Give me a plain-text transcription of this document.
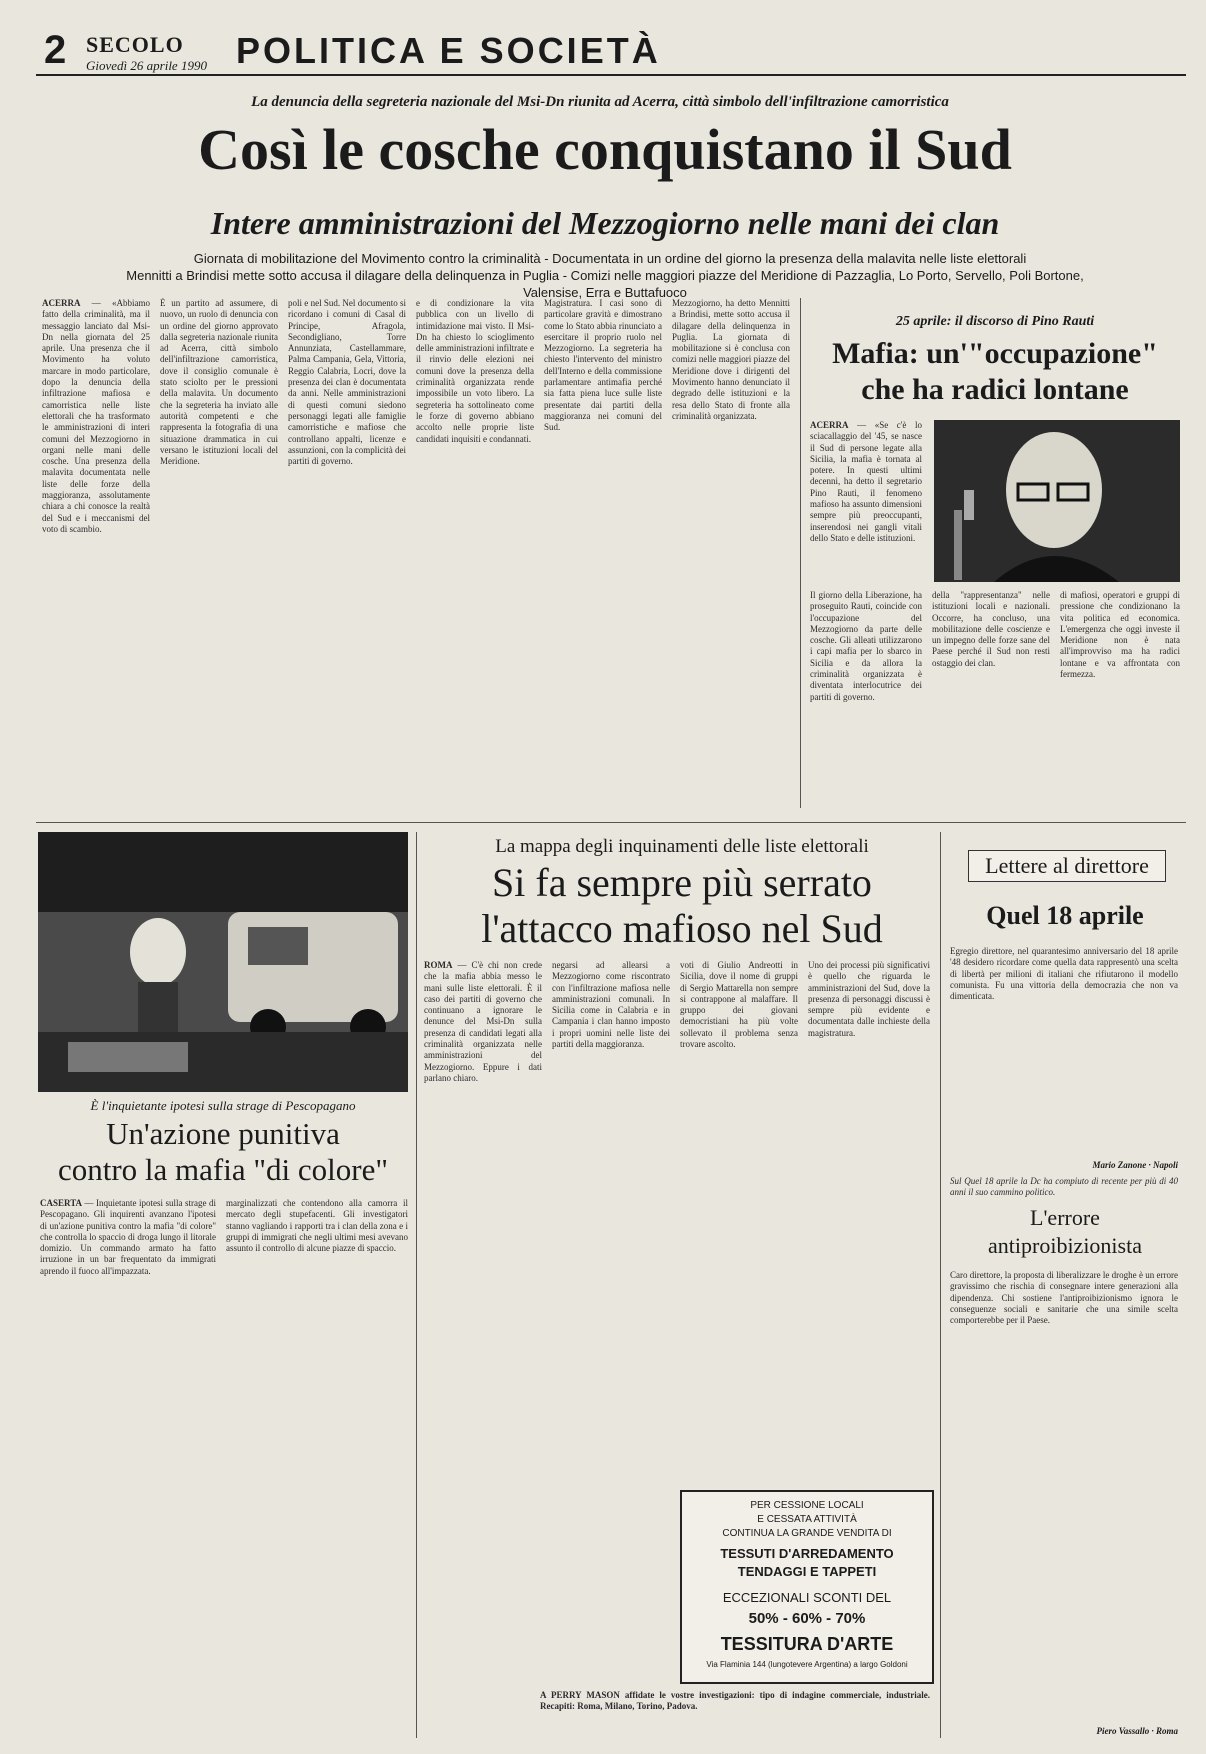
2 SECOLO
Giovedì 26 aprile 1990 POLITICA E SOCIETÀ
La denuncia della segreteria nazionale del Msi-Dn riunita ad Acerra, città simbolo dell'infiltrazione camorristica
Così le cosche conquistano il Sud
Intere amministrazioni del Mezzogiorno nelle mani dei clan
Giornata di mobilitazione del Movimento contro la criminalità - Documentata in un ordine del giorno la presenza della malavita nelle liste elettorali
Mennitti a Brindisi mette sotto accusa il dilagare della delinquenza in Puglia - Comizi nelle maggiori piazze del Meridione di Pazzaglia, Lo Porto, Servello, Poli Bortone, Valensise, Erra e Buttafuoco
ACERRA — «Abbiamo fatto della criminalità, ma il messaggio lanciato dal Msi-Dn nella giornata del 25 aprile. Una presenza che il Movimento ha voluto marcare in modo particolare, dopo la denuncia della infiltrazione mafiosa e camorristica nelle liste elettorali che ha trasformato le amministrazioni di interi comuni del Mezzogiorno in organi nelle mani delle cosche. Una presenza della malavita documentata nelle liste delle forze della maggioranza, assolutamente chiara a chi conosce la realtà del Sud e i meccanismi del voto di scambio.
È un partito ad assumere, di nuovo, un ruolo di denuncia con un ordine del giorno approvato dalla segreteria nazionale riunita ad Acerra, città simbolo dell'infiltrazione camorristica, dove il consiglio comunale è stato sciolto per le pressioni della malavita. Un documento che la segreteria ha inviato alle autorità competenti e che rappresenta la fotografia di una situazione drammatica in cui versano le istituzioni locali del Meridione.
poli e nel Sud. Nel documento si ricordano i comuni di Casal di Principe, Afragola, Secondigliano, Torre Annunziata, Castellammare, Palma Campania, Gela, Vittoria, Reggio Calabria, Locri, dove la presenza dei clan è documentata da anni. Nelle amministrazioni di questi comuni siedono personaggi legati alle famiglie camorristiche e mafiose che controllano appalti, licenze e assunzioni, con la complicità dei partiti di governo.
e di condizionare la vita pubblica con un livello di intimidazione mai visto. Il Msi-Dn ha chiesto lo scioglimento delle amministrazioni infiltrate e il rinvio delle elezioni nei comuni dove la presenza della criminalità organizzata rende impossibile un voto libero. La segreteria ha sottolineato come le forze di governo abbiano accolto nelle proprie liste candidati inquisiti e condannati.
Magistratura. I casi sono di particolare gravità e dimostrano come lo Stato abbia rinunciato a esercitare il proprio ruolo nel Mezzogiorno. La segreteria ha chiesto l'intervento del ministro dell'Interno e della commissione parlamentare antimafia perché sia fatta piena luce sulle liste presentate dai partiti della maggioranza nei comuni del Sud.
Mezzogiorno, ha detto Mennitti a Brindisi, mette sotto accusa il dilagare della delinquenza in Puglia. La giornata di mobilitazione si è conclusa con comizi nelle maggiori piazze del Meridione dove i dirigenti del Movimento hanno denunciato il degrado delle istituzioni e la resa dello Stato di fronte alla criminalità organizzata.
25 aprile: il discorso di Pino Rauti
Mafia: un'"occupazione"
che ha radici lontane
ACERRA — «Se c'è lo sciacallaggio del '45, se nasce il Sud di persone legate alla Sicilia, la mafia è tornata al potere. In questi ultimi decenni, ha detto il segretario Pino Rauti, il fenomeno mafioso ha assunto dimensioni sempre più preoccupanti, inserendosi nei gangli vitali dello Stato e delle istituzioni.
Il giorno della Liberazione, ha proseguito Rauti, coincide con l'occupazione del Mezzogiorno da parte delle cosche. Gli alleati utilizzarono i capi mafia per lo sbarco in Sicilia e da allora la criminalità organizzata è diventata interlocutrice dei partiti di governo.
della "rappresentanza" nelle istituzioni locali e nazionali. Occorre, ha concluso, una mobilitazione delle coscienze e un impegno delle forze sane del Paese perché il Sud non resti ostaggio dei clan.
di mafiosi, operatori e gruppi di pressione che condizionano la vita politica ed economica. L'emergenza che oggi investe il Meridione non è nata all'improvviso ma ha radici lontane e va affrontata con fermezza.
È l'inquietante ipotesi sulla strage di Pescopagano
Un'azione punitiva
contro la mafia "di colore"
CASERTA — Inquietante ipotesi sulla strage di Pescopagano. Gli inquirenti avanzano l'ipotesi di un'azione punitiva contro la mafia "di colore" che controlla lo spaccio di droga lungo il litorale domizio. Un commando armato ha fatto irruzione in un bar frequentato da immigrati aprendo il fuoco all'impazzata.
marginalizzati che contendono alla camorra il mercato degli stupefacenti. Gli investigatori stanno vagliando i rapporti tra i clan della zona e i gruppi di immigrati che negli ultimi mesi avevano assunto il controllo di alcune piazze di spaccio.
La mappa degli inquinamenti delle liste elettorali
Si fa sempre più serrato
l'attacco mafioso nel Sud
ROMA — C'è chi non crede che la mafia abbia messo le mani sulle liste elettorali. È il caso dei partiti di governo che continuano a ignorare le denunce del Msi-Dn sulla presenza di candidati legati alla criminalità organizzata nelle amministrazioni del Mezzogiorno. Eppure i dati parlano chiaro.
negarsi ad allearsi a Mezzogiorno come riscontrato con l'infiltrazione mafiosa nelle amministrazioni comunali. In Sicilia come in Calabria e in Campania i clan hanno imposto i propri uomini nelle liste dei partiti della maggioranza.
voti di Giulio Andreotti in Sicilia, dove il nome di gruppi di Sergio Mattarella non sempre si contrappone al malaffare. Il gruppo dei giovani democristiani ha più volte sollevato il problema senza trovare ascolto.
Uno dei processi più significativi è quello che riguarda le amministrazioni del Sud, dove la presenza di personaggi discussi è sempre più evidente e documentata dalle inchieste della magistratura.
PER CESSIONE LOCALI
E CESSATA ATTIVITÀ
CONTINUA LA GRANDE VENDITA DI
TESSUTI D'ARREDAMENTO
TENDAGGI E TAPPETI
ECCEZIONALI SCONTI DEL
50% - 60% - 70%
TESSITURA D'ARTE
Via Flaminia 144 (lungotevere Argentina) a largo Goldoni
A PERRY MASON affidate le vostre investigazioni: tipo di indagine commerciale, industriale. Recapiti: Roma, Milano, Torino, Padova.
Lettere al direttore
Quel 18 aprile
Egregio direttore, nel quarantesimo anniversario del 18 aprile '48 desidero ricordare come quella data rappresentò una scelta di libertà per milioni di italiani che rifiutarono il modello comunista. Fu una vittoria della democrazia che non va dimenticata.
Mario Zanone · Napoli
Sul Quel 18 aprile la Dc ha compiuto di recente per più di 40 anni il suo cammino politico.
L'errore
antiproibizionista
Caro direttore, la proposta di liberalizzare le droghe è un errore gravissimo che rischia di consegnare intere generazioni alla dipendenza. Chi sostiene l'antiproibizionismo ignora le conseguenze sociali e sanitarie che una simile scelta comporterebbe per il Paese.
Piero Vassallo · Roma
